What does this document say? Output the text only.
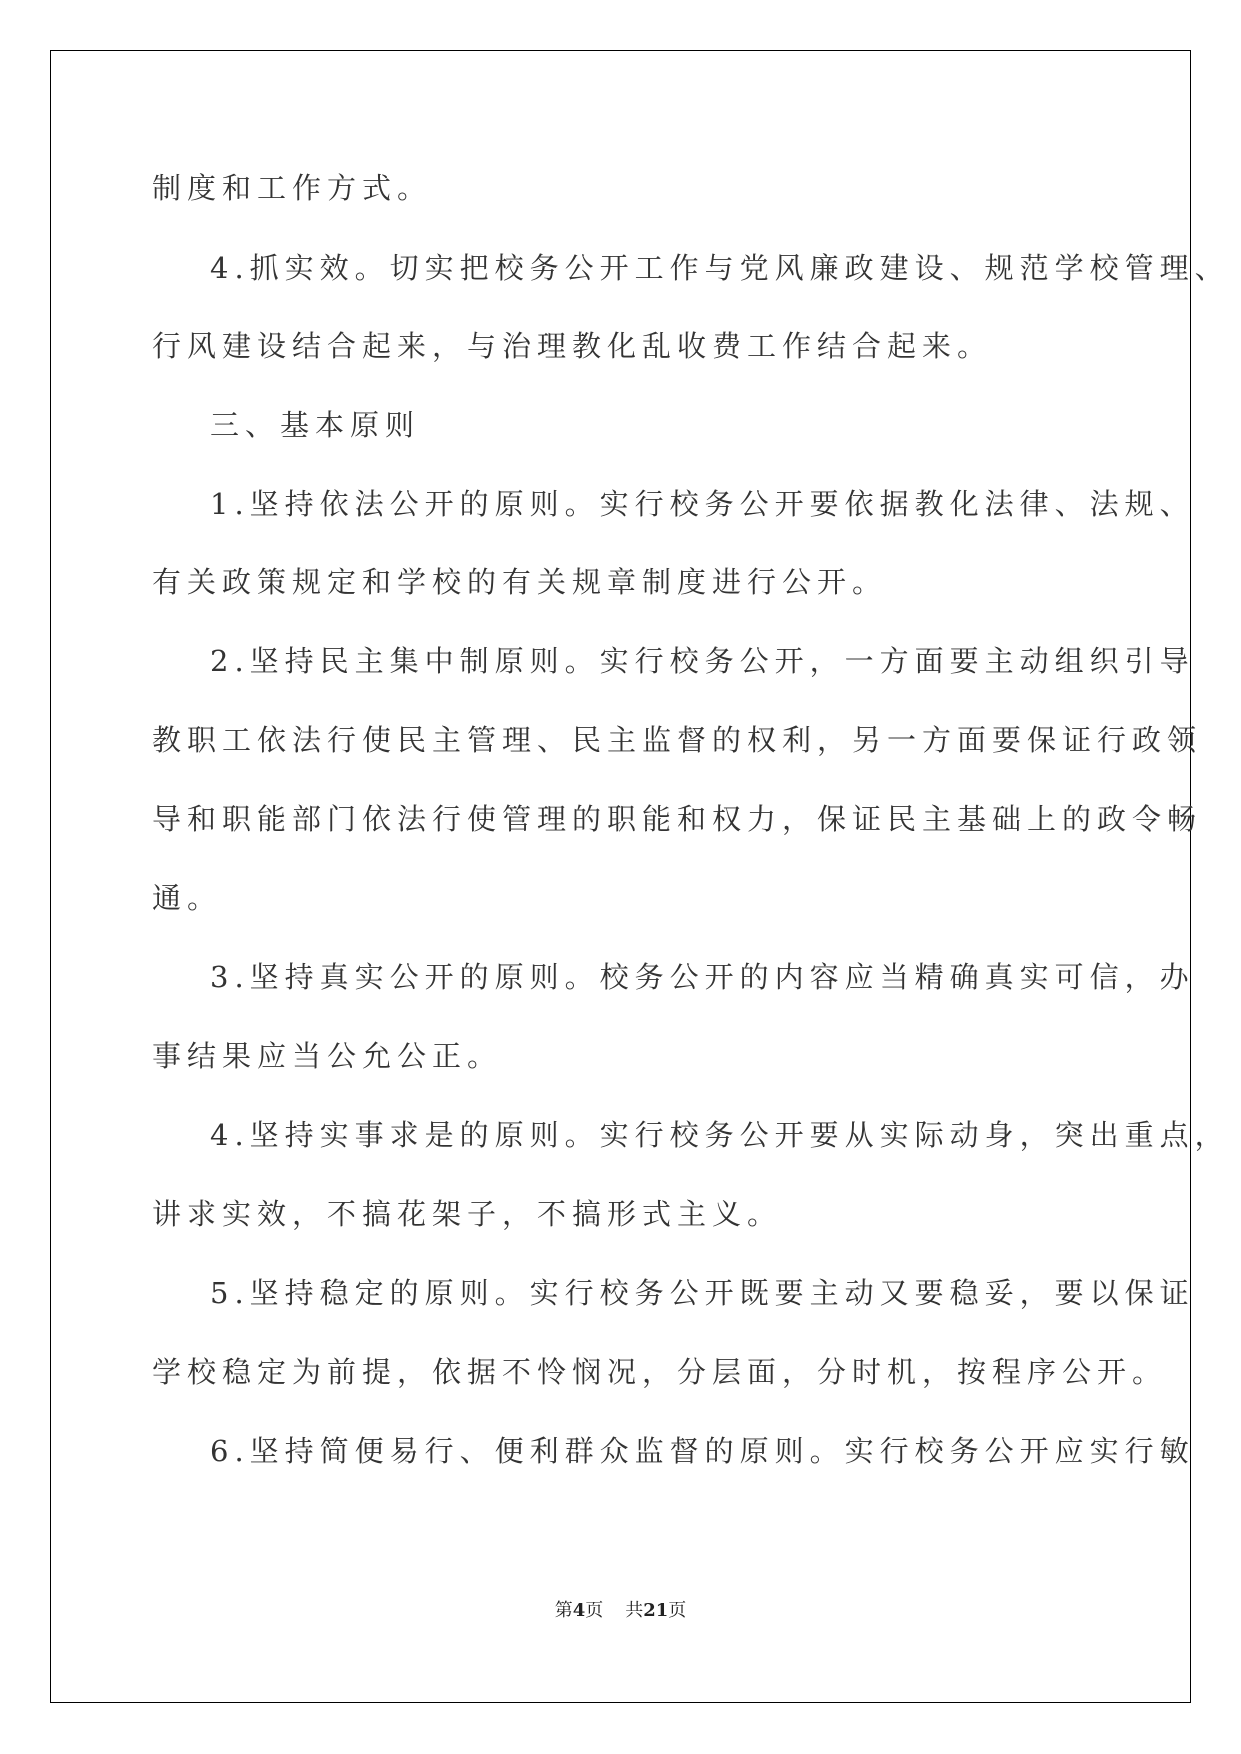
制度和工作方式。
4.抓实效。切实把校务公开工作与党风廉政建设、规范学校管理、
行风建设结合起来，与治理教化乱收费工作结合起来。
三、基本原则
1.坚持依法公开的原则。实行校务公开要依据教化法律、法规、
有关政策规定和学校的有关规章制度进行公开。
2.坚持民主集中制原则。实行校务公开，一方面要主动组织引导
教职工依法行使民主管理、民主监督的权利，另一方面要保证行政领
导和职能部门依法行使管理的职能和权力，保证民主基础上的政令畅
通。
3.坚持真实公开的原则。校务公开的内容应当精确真实可信，办
事结果应当公允公正。
4.坚持实事求是的原则。实行校务公开要从实际动身，突出重点，
讲求实效，不搞花架子，不搞形式主义。
5.坚持稳定的原则。实行校务公开既要主动又要稳妥，要以保证
学校稳定为前提，依据不怜悯况，分层面，分时机，按程序公开。
6.坚持简便易行、便利群众监督的原则。实行校务公开应实行敏
第4页 共21页
